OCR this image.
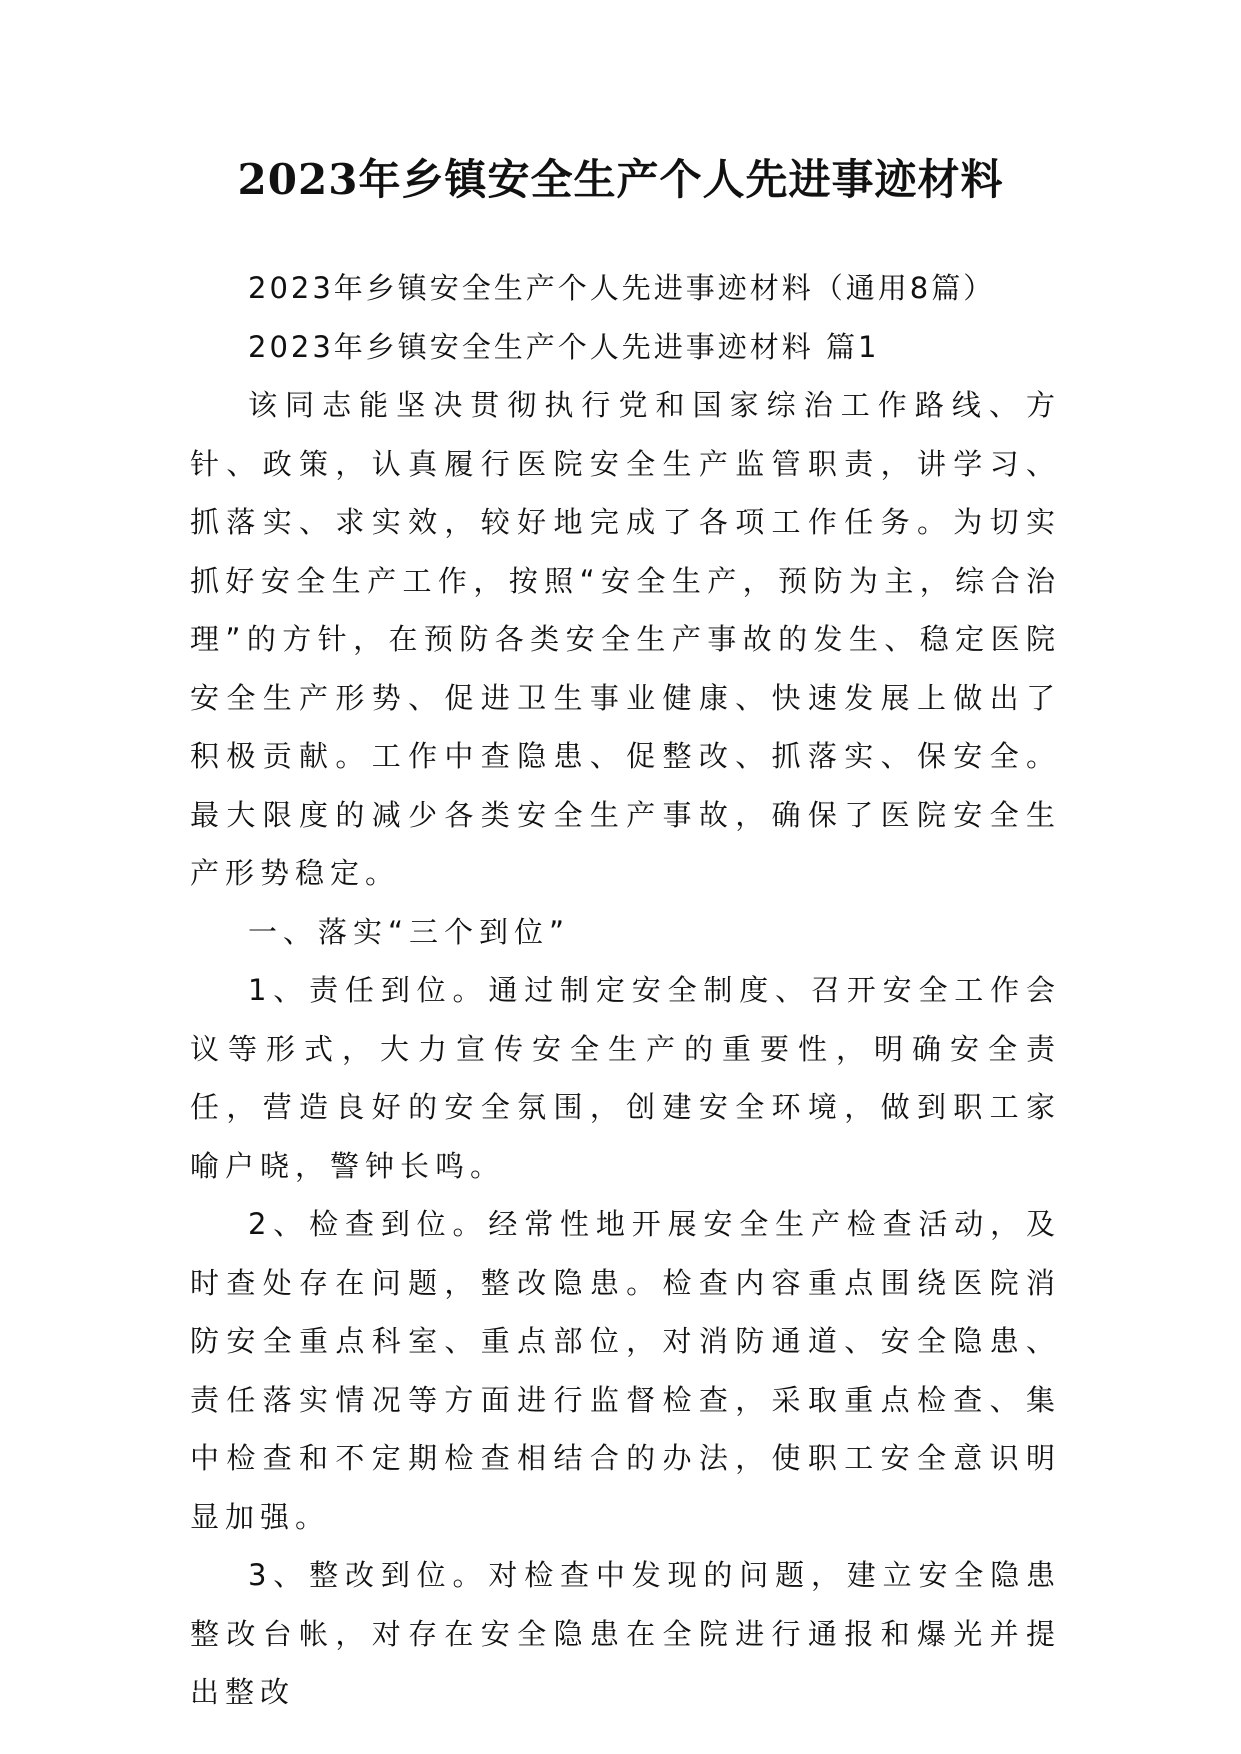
2023年乡镇安全生产个人先进事迹材料

2023年乡镇安全生产个人先进事迹材料（通用8篇）

2023年乡镇安全生产个人先进事迹材料 篇1

该同志能坚决贯彻执行党和国家综治工作路线、方针、政策，认真履行医院安全生产监管职责，讲学习、抓落实、求实效，较好地完成了各项工作任务。为切实抓好安全生产工作，按照“安全生产，预防为主，综合治理”的方针，在预防各类安全生产事故的发生、稳定医院安全生产形势、促进卫生事业健康、快速发展上做出了积极贡献。工作中查隐患、促整改、抓落实、保安全。最大限度的减少各类安全生产事故，确保了医院安全生产形势稳定。

一、落实“三个到位”

1、责任到位。通过制定安全制度、召开安全工作会议等形式，大力宣传安全生产的重要性，明确安全责任，营造良好的安全氛围，创建安全环境，做到职工家喻户晓，警钟长鸣。

2、检查到位。经常性地开展安全生产检查活动，及时查处存在问题，整改隐患。检查内容重点围绕医院消防安全重点科室、重点部位，对消防通道、安全隐患、责任落实情况等方面进行监督检查，采取重点检查、集中检查和不定期检查相结合的办法，使职工安全意识明显加强。

3、整改到位。对检查中发现的问题，建立安全隐患整改台帐，对存在安全隐患在全院进行通报和爆光并提出整改
